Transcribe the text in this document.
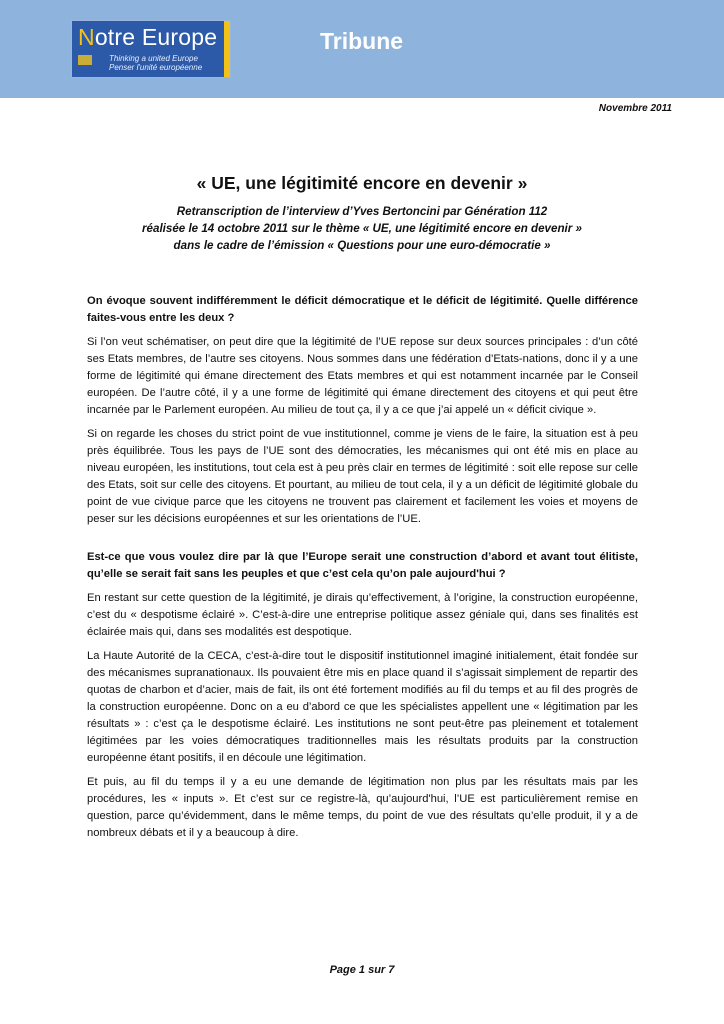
Notre Europe
Thinking a united Europe
Penser l'unité européenne
Tribune
Novembre 2011
« UE, une légitimité encore en devenir »
Retranscription de l’interview d’Yves Bertoncini par Génération 112
réalisée le 14 octobre 2011 sur le thème « UE, une légitimité encore en devenir »
dans le cadre de l’émission « Questions pour une euro-démocratie »

On évoque souvent indifféremment le déficit démocratique et le déficit de légitimité. Quelle différence faites-vous entre les deux ?

Si l’on veut schématiser, on peut dire que la légitimité de l’UE repose sur deux sources principales : d’un côté ses Etats membres, de l’autre ses citoyens. Nous sommes dans une fédération d’Etats-nations, donc il y a une forme de légitimité qui émane directement des Etats membres et qui est notamment incarnée par le Conseil européen. De l’autre côté, il y a une forme de légitimité qui émane directement des citoyens et qui peut être incarnée par le Parlement européen. Au milieu de tout ça, il y a ce que j’ai appelé un « déficit civique ».

Si on regarde les choses du strict point de vue institutionnel, comme je viens de le faire, la situation est à peu près équilibrée. Tous les pays de l’UE sont des démocraties, les mécanismes qui ont été mis en place au niveau européen, les institutions, tout cela est à peu près clair en termes de légitimité : soit elle repose sur celle des Etats, soit sur celle des citoyens. Et pourtant, au milieu de tout cela, il y a un déficit de légitimité globale du point de vue civique parce que les citoyens ne trouvent pas clairement et facilement les voies et moyens de peser sur les décisions européennes et sur les orientations de l’UE.

Est-ce que vous voulez dire par là que l’Europe serait une construction d’abord et avant tout élitiste, qu’elle se serait fait sans les peuples et que c’est cela qu’on pale aujourd'hui ?

En restant sur cette question de la légitimité, je dirais qu’effectivement, à l’origine, la construction européenne, c’est du « despotisme éclairé ». C’est-à-dire une entreprise politique assez géniale qui, dans ses finalités est éclairée mais qui, dans ses modalités est despotique.

La Haute Autorité de la CECA, c’est-à-dire tout le dispositif institutionnel imaginé initialement, était fondée sur des mécanismes supranationaux. Ils pouvaient être mis en place quand il s’agissait simplement de repartir des quotas de charbon et d’acier, mais de fait, ils ont été fortement modifiés au fil du temps et au fil des progrès de la construction européenne. Donc on a eu d’abord ce que les spécialistes appellent une « légitimation par les résultats » : c’est ça le despotisme éclairé. Les institutions ne sont peut-être pas pleinement et totalement légitimées par les voies démocratiques traditionnelles mais les résultats produits par la construction européenne étant positifs, il en découle une légitimation.

Et puis, au fil du temps il y a eu une demande de légitimation non plus par les résultats mais par les procédures, les « inputs ». Et c’est sur ce registre-là, qu’aujourd'hui, l’UE est particulièrement remise en question, parce qu’évidemment, dans le même temps, du point de vue des résultats qu’elle produit, il y a de nombreux débats et il y a beaucoup à dire.

Page 1 sur 7
